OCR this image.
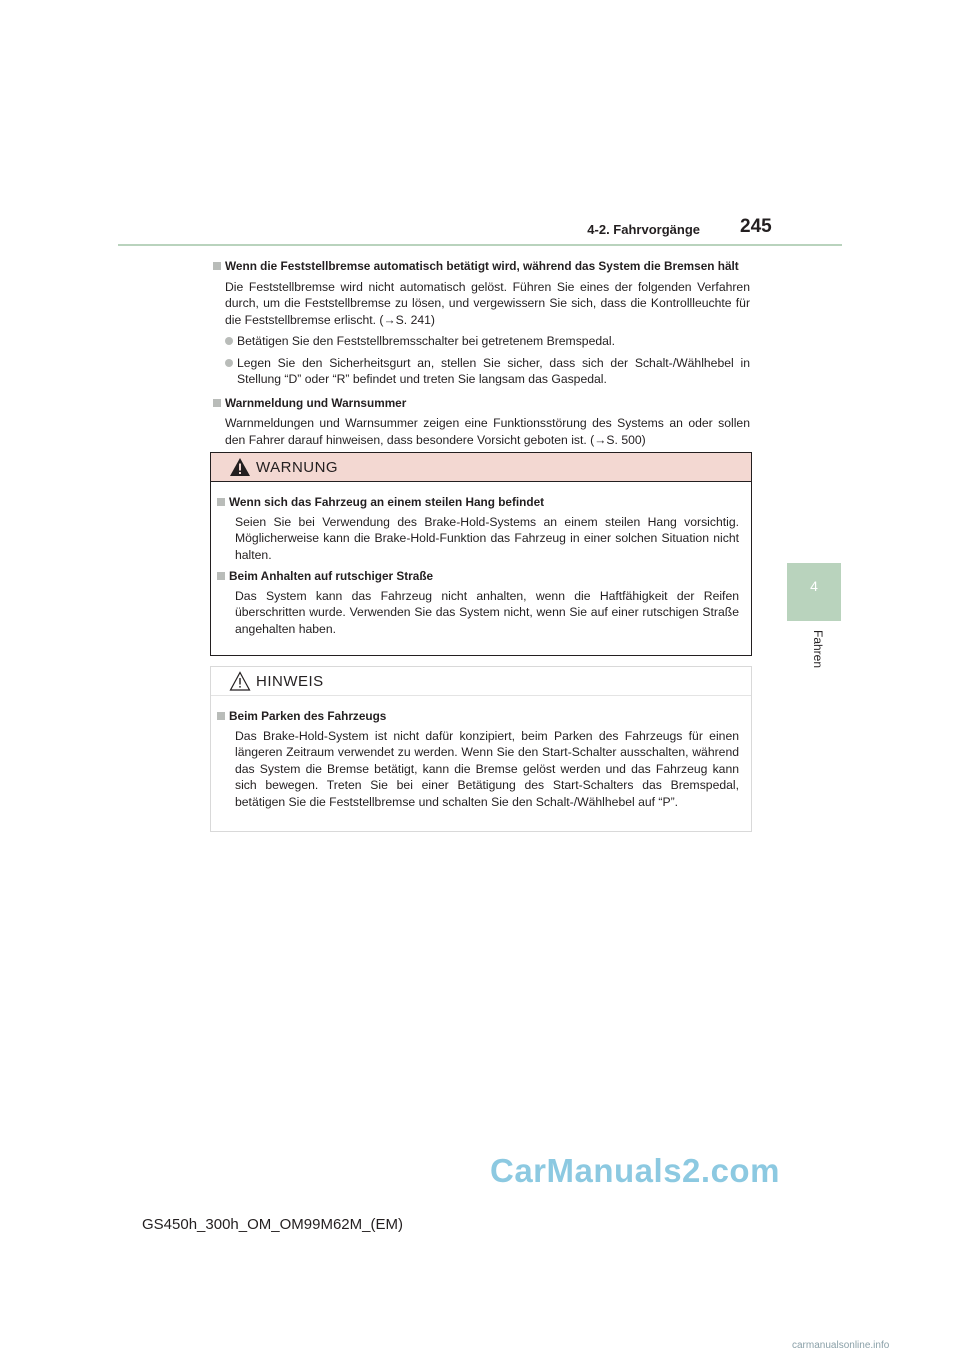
4-2. Fahrvorgänge 245
4
Fahren

Wenn die Feststellbremse automatisch betätigt wird, während das System die Bremsen hält

Die Feststellbremse wird nicht automatisch gelöst. Führen Sie eines der folgenden Verfahren durch, um die Feststellbremse zu lösen, und vergewissern Sie sich, dass die Kontrollleuchte für die Feststellbremse erlischt. (→S. 241)

Betätigen Sie den Feststellbremsschalter bei getretenem Bremspedal.
Legen Sie den Sicherheitsgurt an, stellen Sie sicher, dass sich der Schalt-/Wählhebel in Stellung “D” oder “R” befindet und treten Sie langsam das Gaspedal.

Warnmeldung und Warnsummer

Warnmeldungen und Warnsummer zeigen eine Funktionsstörung des Systems an oder sollen den Fahrer darauf hinweisen, dass besondere Vorsicht geboten ist. (→S. 500)

WARNUNG

Wenn sich das Fahrzeug an einem steilen Hang befindet

Seien Sie bei Verwendung des Brake-Hold-Systems an einem steilen Hang vorsichtig. Möglicherweise kann die Brake-Hold-Funktion das Fahrzeug in einer solchen Situation nicht halten.

Beim Anhalten auf rutschiger Straße

Das System kann das Fahrzeug nicht anhalten, wenn die Haftfähigkeit der Reifen überschritten wurde. Verwenden Sie das System nicht, wenn Sie auf einer rutschigen Straße angehalten haben.

HINWEIS

Beim Parken des Fahrzeugs

Das Brake-Hold-System ist nicht dafür konzipiert, beim Parken des Fahrzeugs für einen längeren Zeitraum verwendet zu werden. Wenn Sie den Start-Schalter ausschalten, während das System die Bremse betätigt, kann die Bremse gelöst werden und das Fahrzeug kann sich bewegen. Treten Sie bei einer Betätigung des Start-Schalters das Bremspedal, betätigen Sie die Feststellbremse und schalten Sie den Schalt-/Wählhebel auf “P”.

GS450h_300h_OM_OM99M62M_(EM)
CarManuals2.com
carmanualsonline.info
